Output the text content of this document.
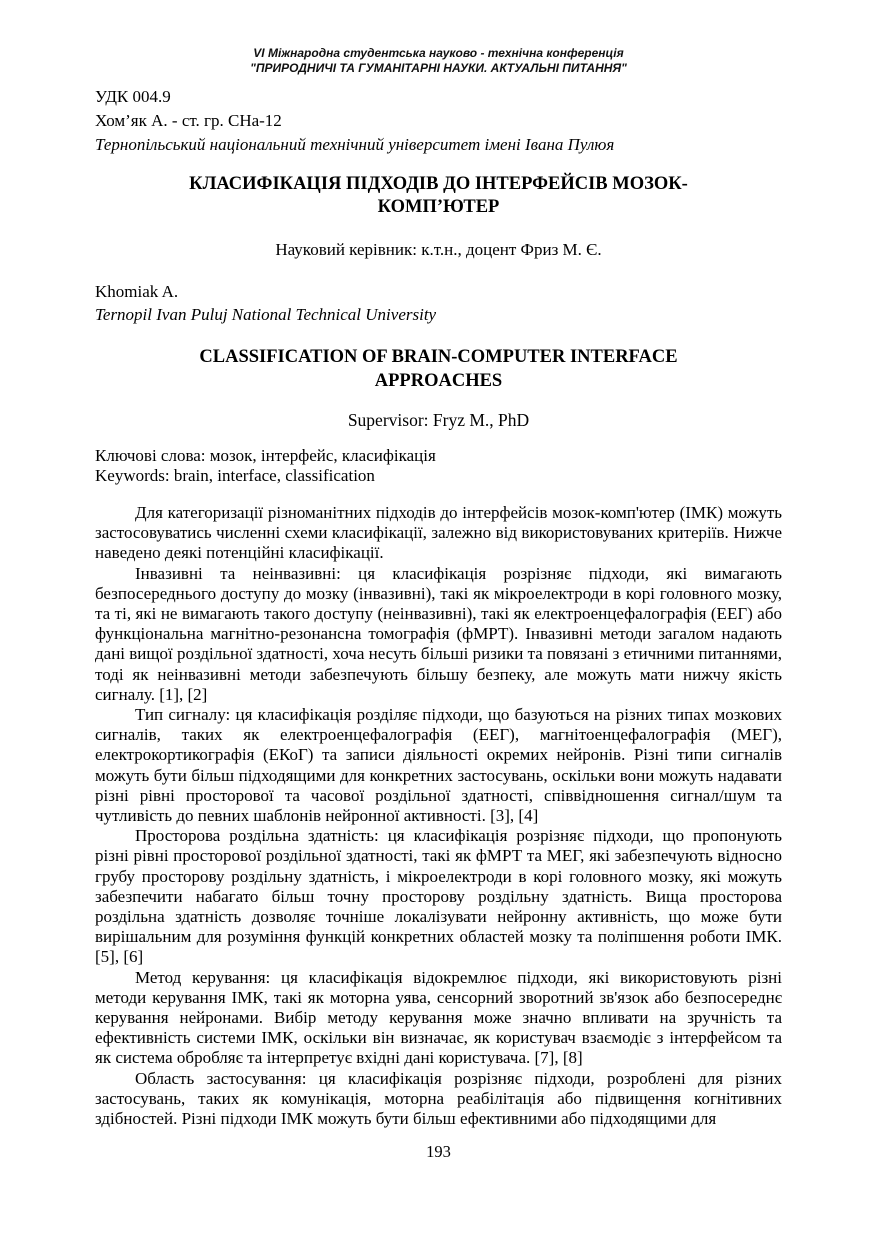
VI Міжнародна студентська науково - технічна конференція
"ПРИРОДНИЧІ ТА ГУМАНІТАРНІ НАУКИ. АКТУАЛЬНІ ПИТАННЯ"
УДК 004.9
Хом’як А. - ст. гр. СНа-12
Тернопільський національний технічний університет імені Івана Пулюя
КЛАСИФІКАЦІЯ ПІДХОДІВ ДО ІНТЕРФЕЙСІВ МОЗОК-
КОМП’ЮТЕР
Науковий керівник: к.т.н., доцент Фриз М. Є.
Khomiak A.
Ternopil Ivan Puluj National Technical University
CLASSIFICATION OF BRAIN-COMPUTER INTERFACE
APPROACHES
Supervisor: Fryz M., PhD
Ключові слова: мозок, інтерфейс, класифікація
Keywords: brain, interface, classification

Для категоризації різноманітних підходів до інтерфейсів мозок-комп'ютер (ІМК) можуть застосовуватись численні схеми класифікації, залежно від використовуваних критеріїв. Нижче наведено деякі потенційні класифікації.

Інвазивні та неінвазивні: ця класифікація розрізняє підходи, які вимагають безпосереднього доступу до мозку (інвазивні), такі як мікроелектроди в корі головного мозку, та ті, які не вимагають такого доступу (неінвазивні), такі як електроенцефалографія (ЕЕГ) або функціональна магнітно-резонансна томографія (фМРТ). Інвазивні методи загалом надають дані вищої роздільної здатності, хоча несуть більші ризики та повязані з етичними питаннями, тоді як неінвазивні методи забезпечують більшу безпеку, але можуть мати нижчу якість сигналу. [1], [2]

Тип сигналу: ця класифікація розділяє підходи, що базуються на різних типах мозкових сигналів, таких як електроенцефалографія (ЕЕГ), магнітоенцефалографія (МЕГ), електрокортикографія (ЕКоГ) та записи діяльності окремих нейронів. Різні типи сигналів можуть бути більш підходящими для конкретних застосувань, оскільки вони можуть надавати різні рівні просторової та часової роздільної здатності, співвідношення сигнал/шум та чутливість до певних шаблонів нейронної активності. [3], [4]

Просторова роздільна здатність: ця класифікація розрізняє підходи, що пропонують різні рівні просторової роздільної здатності, такі як фМРТ та МЕГ, які забезпечують відносно грубу просторову роздільну здатність, і мікроелектроди в корі головного мозку, які можуть забезпечити набагато більш точну просторову роздільну здатність. Вища просторова роздільна здатність дозволяє точніше локалізувати нейронну активність, що може бути вирішальним для розуміння функцій конкретних областей мозку та поліпшення роботи ІМК. [5], [6]

Метод керування: ця класифікація відокремлює підходи, які використовують різні методи керування ІМК, такі як моторна уява, сенсорний зворотний зв'язок або безпосереднє керування нейронами. Вибір методу керування може значно впливати на зручність та ефективність системи ІМК, оскільки він визначає, як користувач взаємодіє з інтерфейсом та як система обробляє та інтерпретує вхідні дані користувача. [7], [8]

Область застосування: ця класифікація розрізняє підходи, розроблені для різних застосувань, таких як комунікація, моторна реабілітація або підвищення когнітивних здібностей. Різні підходи ІМК можуть бути більш ефективними або підходящими для

193
